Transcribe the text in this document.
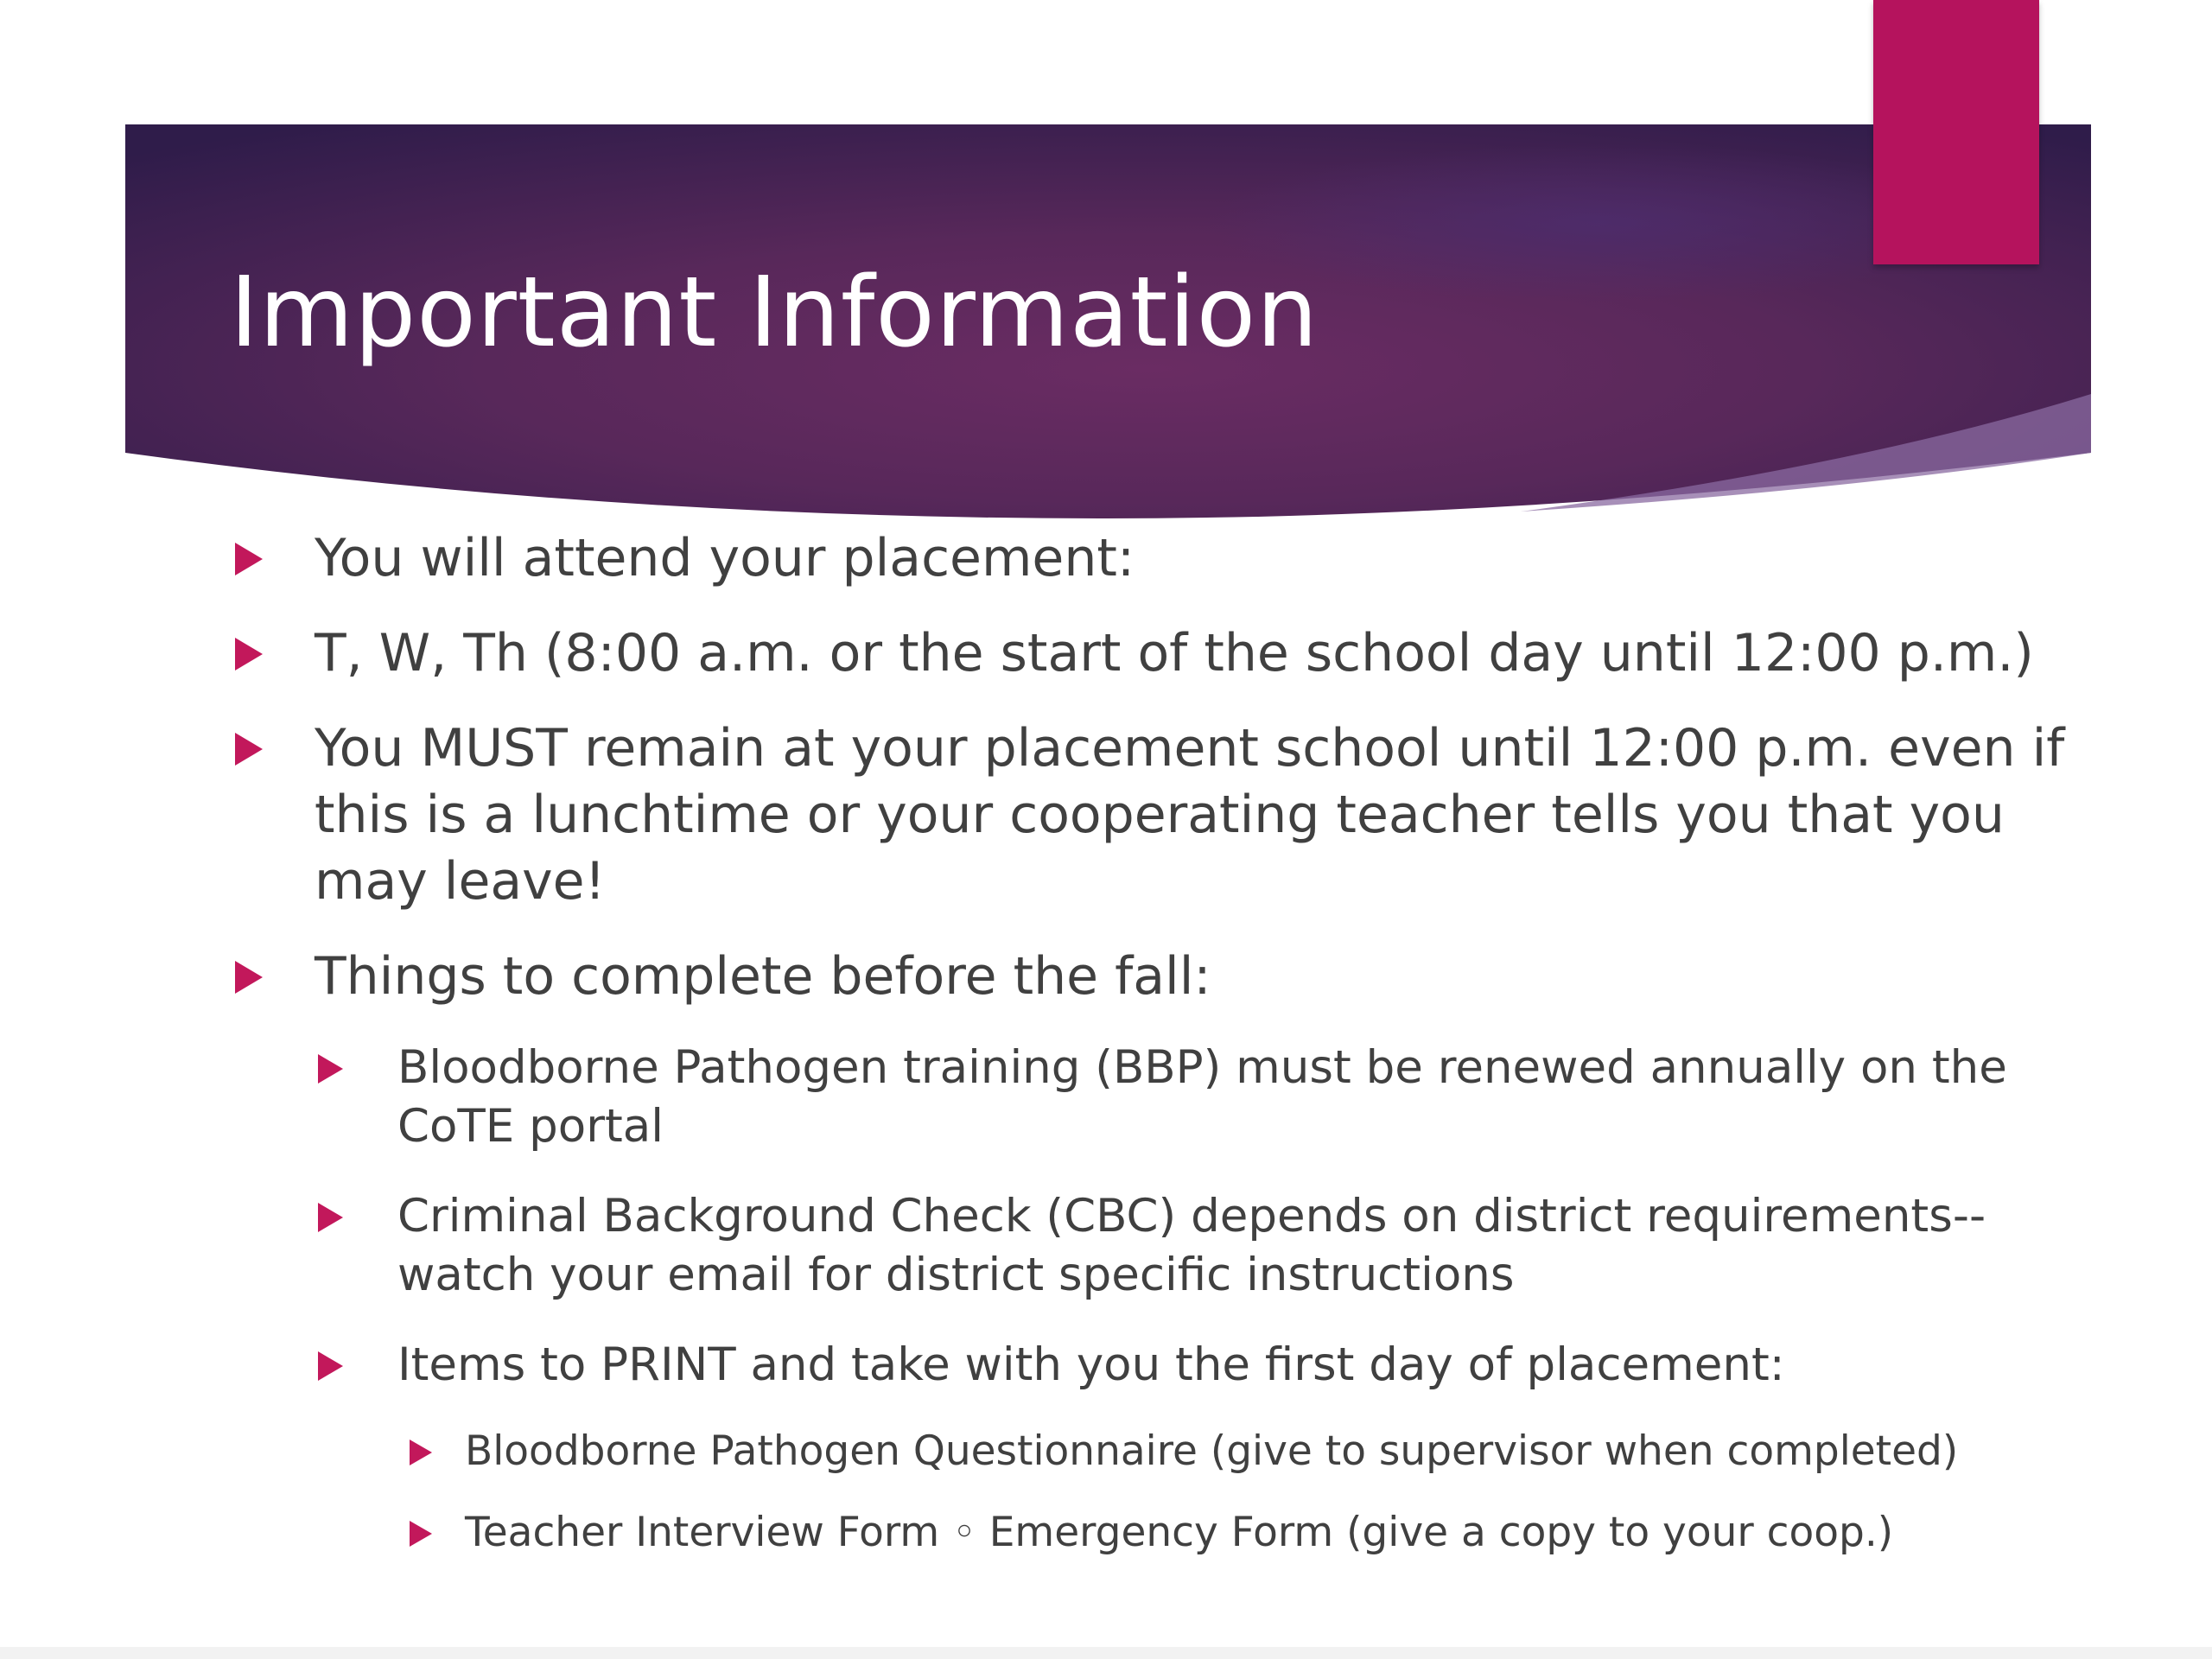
Important Information
You will attend your placement:
T, W, Th (8:00 a.m. or the start of the school day until 12:00 p.m.)
You MUST remain at your placement school until 12:00 p.m. even if this is a lunchtime or your cooperating teacher tells you that you may leave!
Things to complete before the fall:
Bloodborne Pathogen training (BBP) must be renewed annually on the CoTE portal
Criminal Background Check (CBC) depends on district requirements--watch your email for district specific instructions
Items to PRINT and take with you the first day of placement:
Bloodborne Pathogen Questionnaire (give to supervisor when completed)
Teacher Interview Form ◦ Emergency Form (give a copy to your coop.)
